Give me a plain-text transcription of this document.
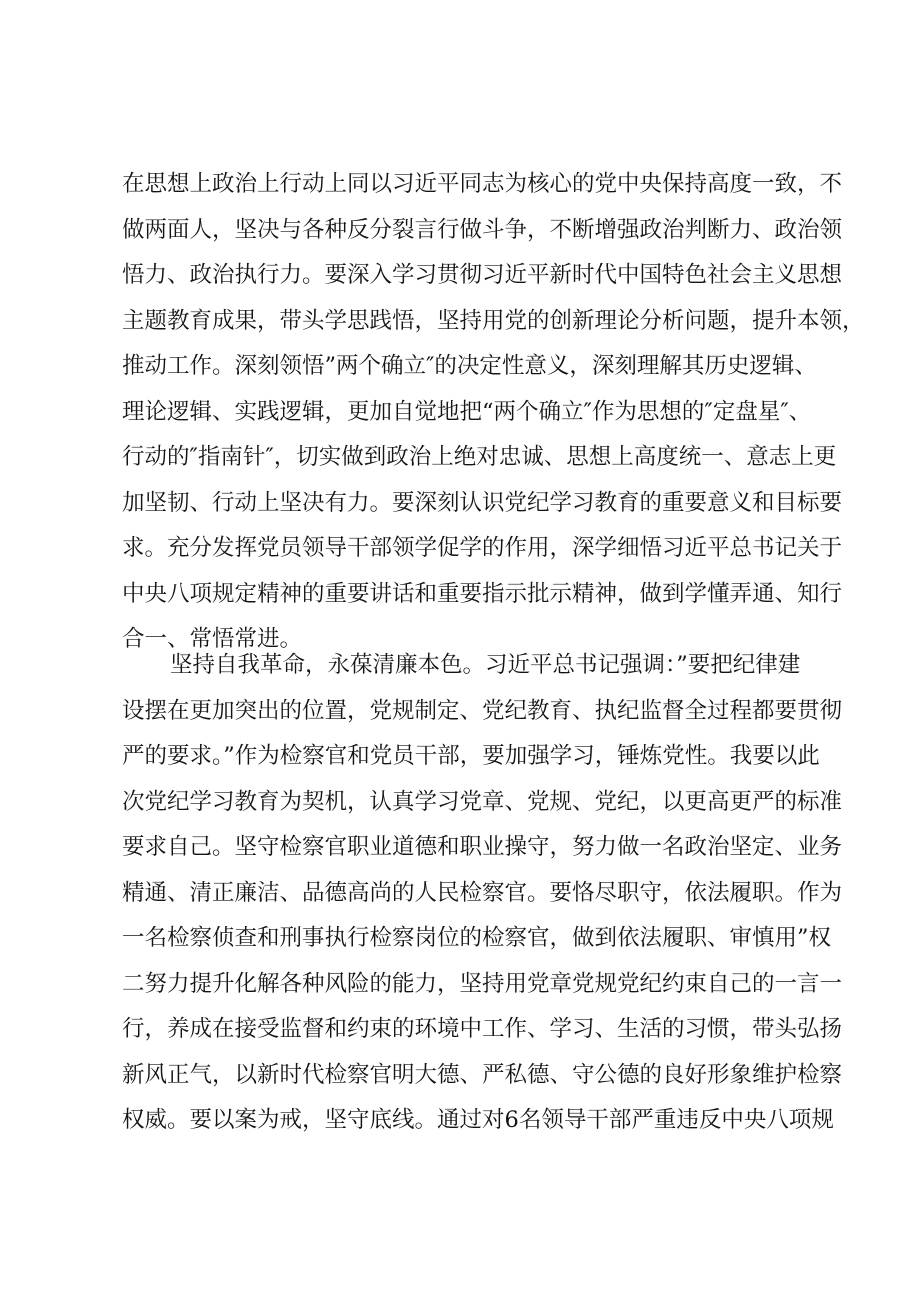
在思想上政治上行动上同以习近平同志为核心的党中央保持高度一致，不
做两面人，坚决与各种反分裂言行做斗争，不断增强政治判断力、政治领
悟力、政治执行力。要深入学习贯彻习近平新时代中国特色社会主义思想
主题教育成果，带头学思践悟，坚持用党的创新理论分析问题，提升本领，
推动工作。深刻领悟”两个确立″的决定性意义，深刻理解其历史逻辑、
理论逻辑、实践逻辑，更加自觉地把“两个确立″作为思想的″定盘星″、
行动的″指南针″，切实做到政治上绝对忠诚、思想上高度统一、意志上更
加坚韧、行动上坚决有力。要深刻认识党纪学习教育的重要意义和目标要
求。充分发挥党员领导干部领学促学的作用，深学细悟习近平总书记关于
中央八项规定精神的重要讲话和重要指示批示精神，做到学懂弄通、知行
合一、常悟常进。
坚持自我革命，永葆清廉本色。习近平总书记强调：”要把纪律建
设摆在更加突出的位置，党规制定、党纪教育、执纪监督全过程都要贯彻
严的要求。”作为检察官和党员干部，要加强学习，锤炼党性。我要以此
次党纪学习教育为契机，认真学习党章、党规、党纪，以更高更严的标准
要求自己。坚守检察官职业道德和职业操守，努力做一名政治坚定、业务
精通、清正廉洁、品德高尚的人民检察官。要恪尽职守，依法履职。作为
一名检察侦查和刑事执行检察岗位的检察官，做到依法履职、审慎用”权
二努力提升化解各种风险的能力，坚持用党章党规党纪约束自己的一言一
行，养成在接受监督和约束的环境中工作、学习、生活的习惯，带头弘扬
新风正气，以新时代检察官明大德、严私德、守公德的良好形象维护检察
权威。要以案为戒，坚守底线。通过对6名领导干部严重违反中央八项规
